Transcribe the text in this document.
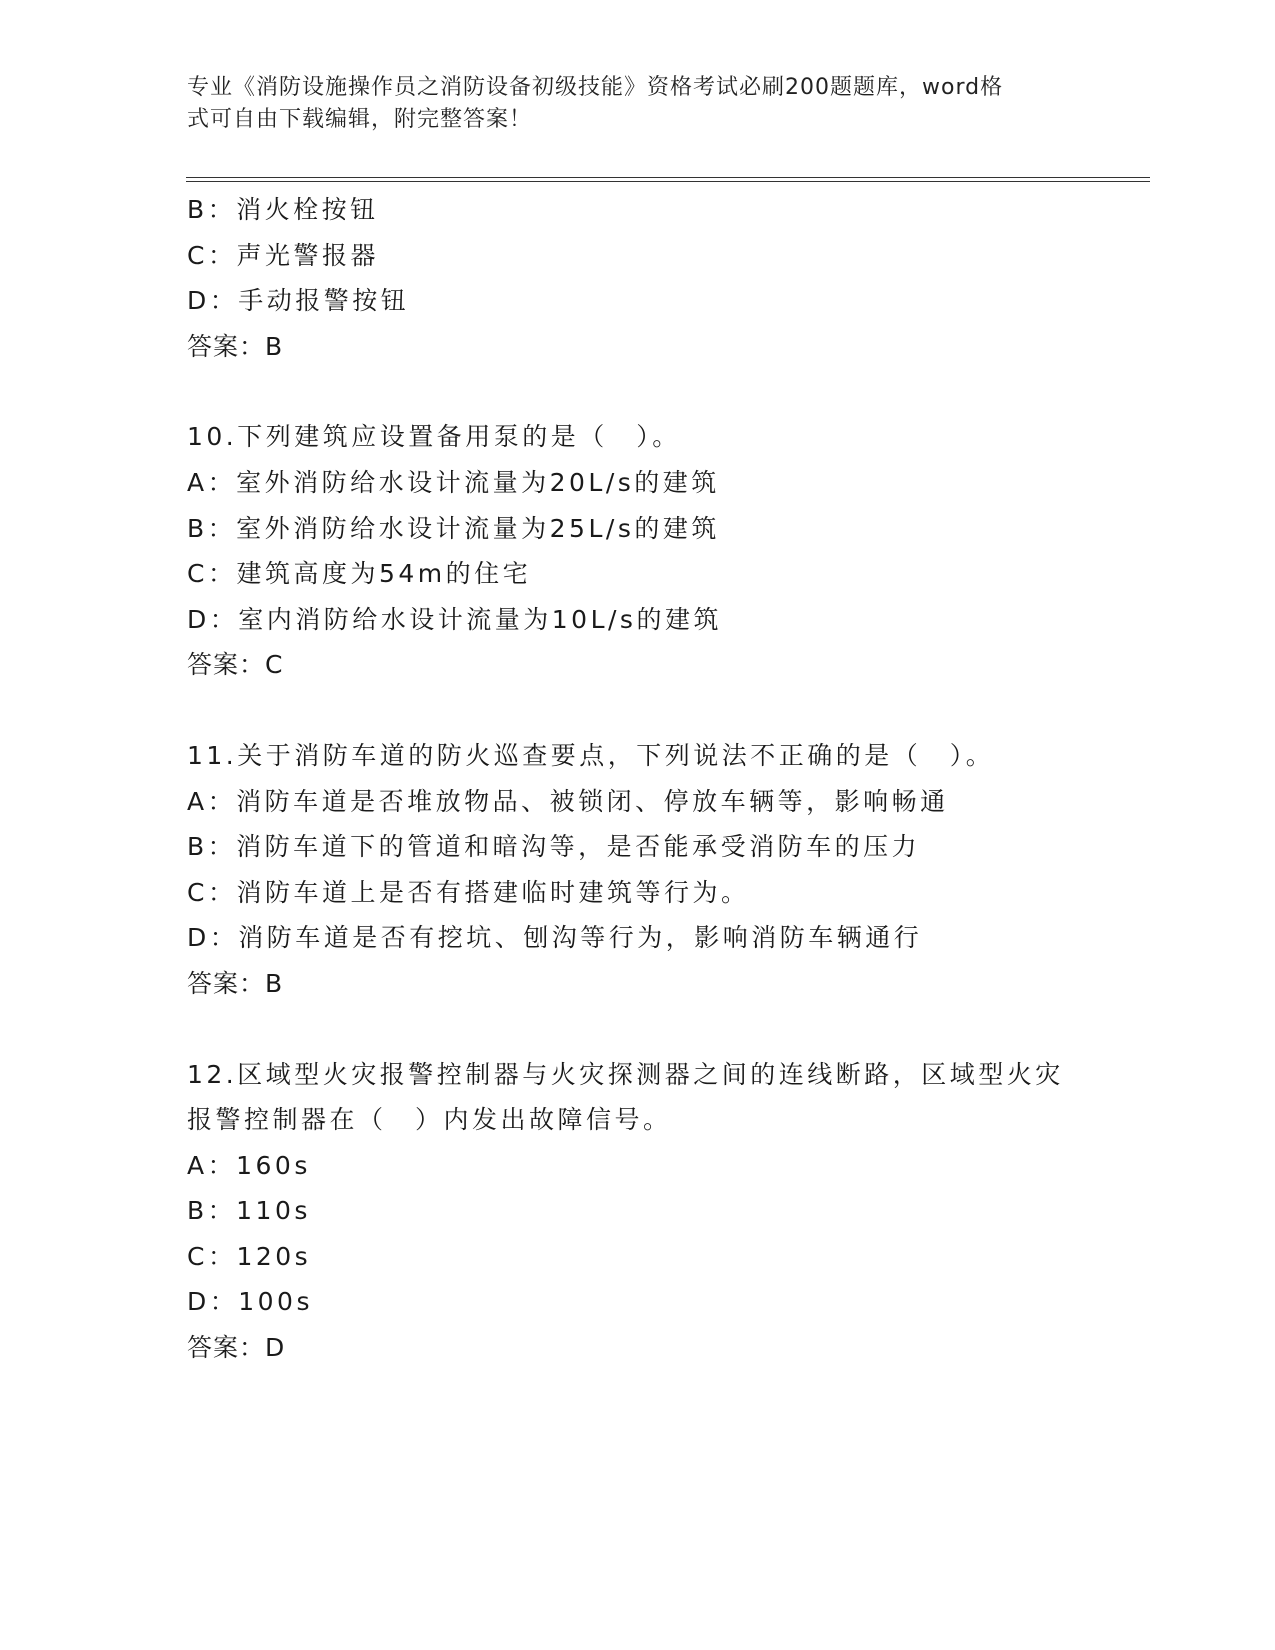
专业《消防设施操作员之消防设备初级技能》资格考试必刷200题题库，word格
式可自由下载编辑，附完整答案！
B：消火栓按钮
C：声光警报器
D：手动报警按钮
答案：B
10.下列建筑应设置备用泵的是（　）。
A：室外消防给水设计流量为20L/s的建筑
B：室外消防给水设计流量为25L/s的建筑
C：建筑高度为54m的住宅
D：室内消防给水设计流量为10L/s的建筑
答案：C
11.关于消防车道的防火巡查要点，下列说法不正确的是（　）。
A：消防车道是否堆放物品、被锁闭、停放车辆等，影响畅通
B：消防车道下的管道和暗沟等，是否能承受消防车的压力
C：消防车道上是否有搭建临时建筑等行为。
D：消防车道是否有挖坑、刨沟等行为，影响消防车辆通行
答案：B
12.区域型火灾报警控制器与火灾探测器之间的连线断路，区域型火灾
报警控制器在（　）内发出故障信号。
A：160s
B：110s
C：120s
D：100s
答案：D
